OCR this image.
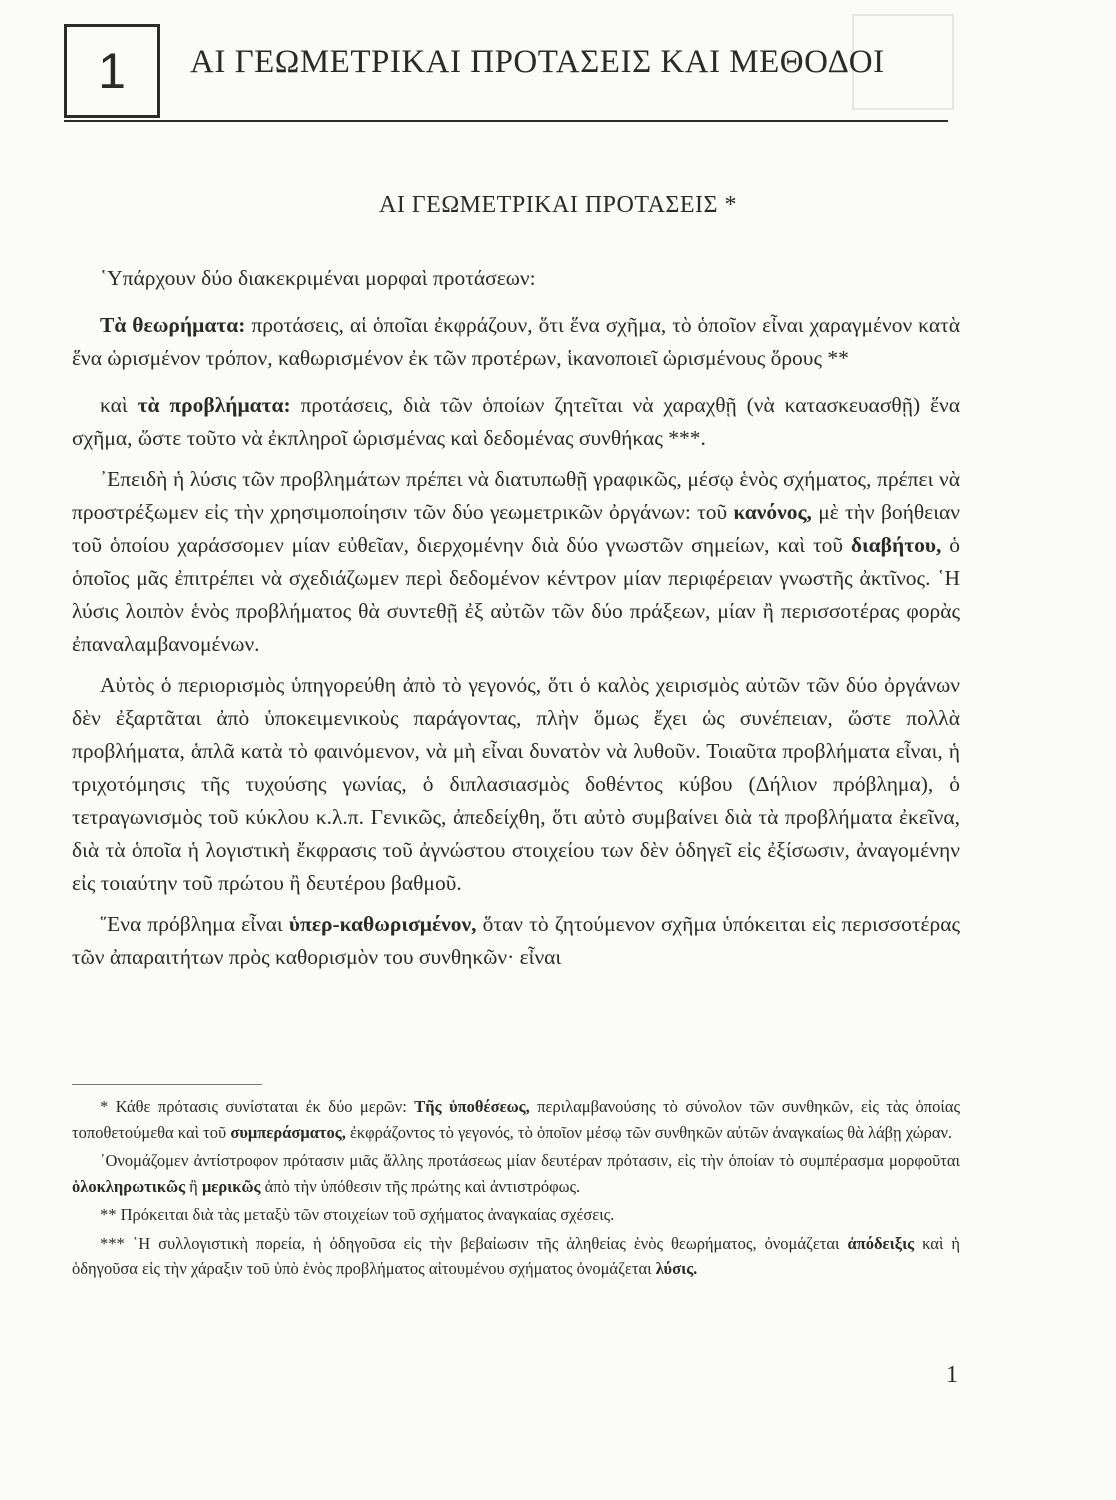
1 ΑΙ ΓΕΩΜΕΤΡΙΚΑΙ ΠΡΟΤΑΣΕΙΣ ΚΑΙ ΜΕΘΟΔΟΙ
ΑΙ ΓΕΩΜΕΤΡΙΚΑΙ ΠΡΟΤΑΣΕΙΣ *

῾Υπάρχουν δύο διακεκριμέναι μορφαὶ προτάσεων:

Τὰ θεωρήματα: προτάσεις, αἱ ὁποῖαι ἐκφράζουν, ὅτι ἕνα σχῆμα, τὸ ὁποῖον εἶναι χαραγμένον κατὰ ἕνα ὡρισμένον τρόπον, καθωρισμένον ἐκ τῶν προτέρων, ἱκανοποιεῖ ὡρισμένους ὅρους **

καὶ τὰ προβλήματα: προτάσεις, διὰ τῶν ὁποίων ζητεῖται νὰ χαραχθῇ (νὰ κατασκευασθῇ) ἕνα σχῆμα, ὥστε τοῦτο νὰ ἐκπληροῖ ὡρισμένας καὶ δεδομένας συνθήκας ***.

᾿Επειδὴ ἡ λύσις τῶν προβλημάτων πρέπει νὰ διατυπωθῇ γραφικῶς, μέσῳ ἑνὸς σχήματος, πρέπει νὰ προστρέξωμεν εἰς τὴν χρησιμοποίησιν τῶν δύο γεωμετρικῶν ὀργάνων: τοῦ κανόνος, μὲ τὴν βοήθειαν τοῦ ὁποίου χαράσσομεν μίαν εὐθεῖαν, διερχομένην διὰ δύο γνωστῶν σημείων, καὶ τοῦ διαβήτου, ὁ ὁποῖος μᾶς ἐπιτρέπει νὰ σχεδιάζωμεν περὶ δεδομένον κέντρον μίαν περιφέρειαν γνωστῆς ἀκτῖνος. ῾Η λύσις λοιπὸν ἑνὸς προβλήματος θὰ συντεθῇ ἐξ αὐτῶν τῶν δύο πράξεων, μίαν ἢ περισσοτέρας φορὰς ἐπαναλαμβανομένων.

Αὐτὸς ὁ περιορισμὸς ὑπηγορεύθη ἀπὸ τὸ γεγονός, ὅτι ὁ καλὸς χειρισμὸς αὐτῶν τῶν δύο ὀργάνων δὲν ἐξαρτᾶται ἀπὸ ὑποκειμενικοὺς παράγοντας, πλὴν ὅμως ἔχει ὡς συνέπειαν, ὥστε πολλὰ προβλήματα, ἁπλᾶ κατὰ τὸ φαινόμενον, νὰ μὴ εἶναι δυνατὸν νὰ λυθοῦν. Τοιαῦτα προβλήματα εἶναι, ἡ τριχοτόμησις τῆς τυχούσης γωνίας, ὁ διπλασιασμὸς δοθέντος κύβου (Δήλιον πρόβλημα), ὁ τετραγωνισμὸς τοῦ κύκλου κ.λ.π. Γενικῶς, ἀπεδείχθη, ὅτι αὐτὸ συμβαίνει διὰ τὰ προβλήματα ἐκεῖνα, διὰ τὰ ὁποῖα ἡ λογιστικὴ ἔκφρασις τοῦ ἀγνώστου στοιχείου των δὲν ὁδηγεῖ εἰς ἐξίσωσιν, ἀναγομένην εἰς τοιαύτην τοῦ πρώτου ἢ δευτέρου βαθμοῦ.

῞Ενα πρόβλημα εἶναι ὑπερ-καθωρισμένον, ὅταν τὸ ζητούμενον σχῆμα ὑπόκειται εἰς περισσοτέρας τῶν ἀπαραιτήτων πρὸς καθορισμὸν του συνθηκῶν· εἶναι

* Κάθε πρότασις συνίσταται ἐκ δύο μερῶν: Τῆς ὑποθέσεως, περιλαμβανούσης τὸ σύνολον τῶν συνθηκῶν, εἰς τὰς ὁποίας τοποθετούμεθα καὶ τοῦ συμπεράσματος, ἐκφράζοντος τὸ γεγονός, τὸ ὁποῖον μέσῳ τῶν συνθηκῶν αὐτῶν ἀναγκαίως θὰ λάβῃ χώραν.

᾿Ονομάζομεν ἀντίστροφον πρότασιν μιᾶς ἄλλης προτάσεως μίαν δευτέραν πρότασιν, εἰς τὴν ὁποίαν τὸ συμπέρασμα μορφοῦται ὁλοκληρωτικῶς ἢ μερικῶς ἀπὸ τὴν ὑπόθεσιν τῆς πρώτης καὶ ἀντιστρόφως.

** Πρόκειται διὰ τὰς μεταξὺ τῶν στοιχείων τοῦ σχήματος ἀναγκαίας σχέσεις.

*** ῾Η συλλογιστικὴ πορεία, ἡ ὁδηγοῦσα εἰς τὴν βεβαίωσιν τῆς ἀληθείας ἑνὸς θεωρήματος, ὀνομάζεται ἀπόδειξις καὶ ἡ ὁδηγοῦσα εἰς τὴν χάραξιν τοῦ ὑπὸ ἑνὸς προβλήματος αἰτουμένου σχήματος ὀνομάζεται λύσις.

1
